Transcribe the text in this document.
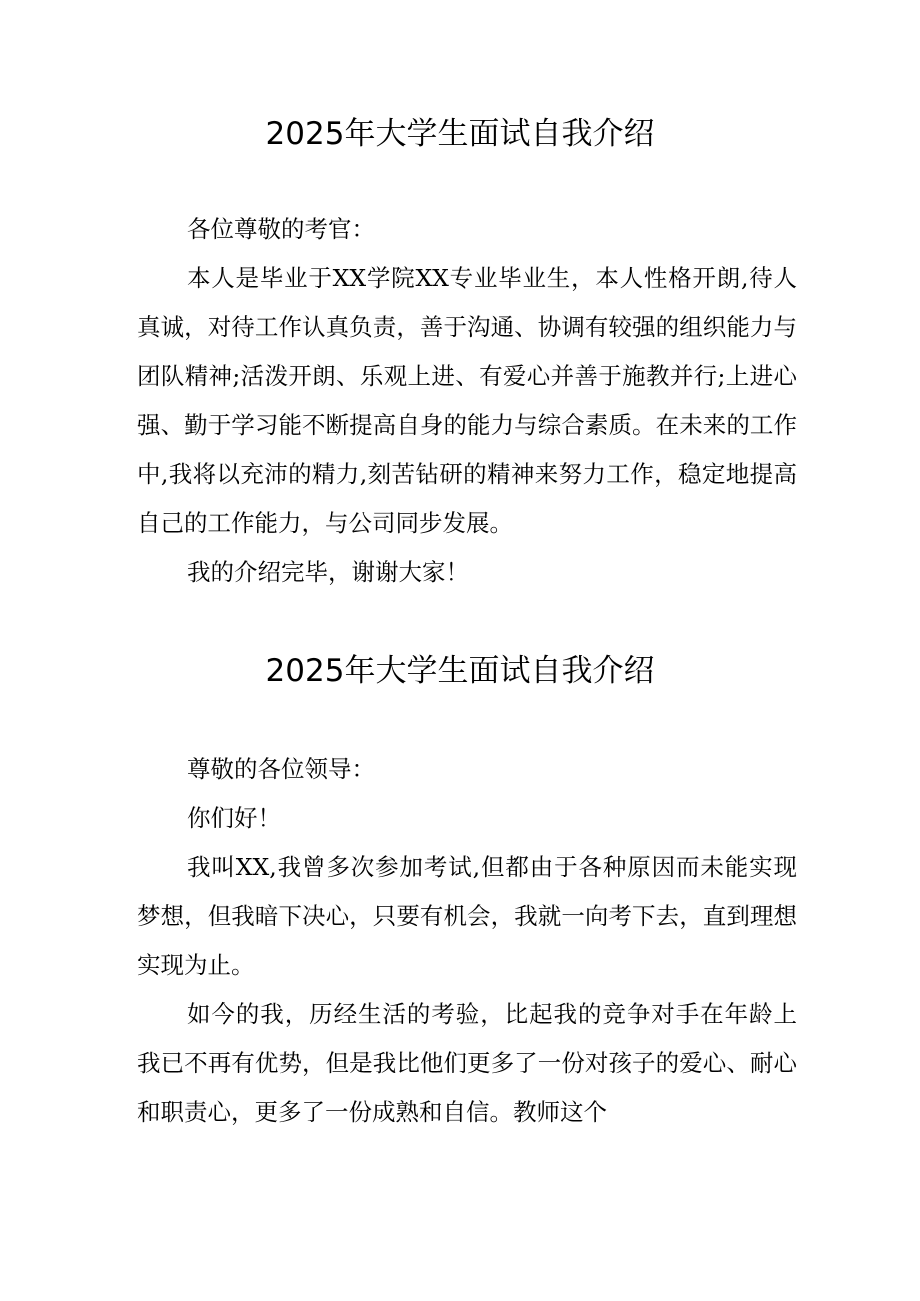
2025年大学生面试自我介绍

各位尊敬的考官：

本人是毕业于XX学院XX专业毕业生，本人性格开朗,待人真诚，对待工作认真负责，善于沟通、协调有较强的组织能力与团队精神;活泼开朗、乐观上进、有爱心并善于施教并行;上进心强、勤于学习能不断提高自身的能力与综合素质。在未来的工作中,我将以充沛的精力,刻苦钻研的精神来努力工作，稳定地提高自己的工作能力，与公司同步发展。

我的介绍完毕，谢谢大家！

2025年大学生面试自我介绍

尊敬的各位领导：

你们好！

我叫XX,我曾多次参加考试,但都由于各种原因而未能实现梦想，但我暗下决心，只要有机会，我就一向考下去，直到理想实现为止。

如今的我，历经生活的考验，比起我的竞争对手在年龄上我已不再有优势，但是我比他们更多了一份对孩子的爱心、耐心和职责心，更多了一份成熟和自信。教师这个
